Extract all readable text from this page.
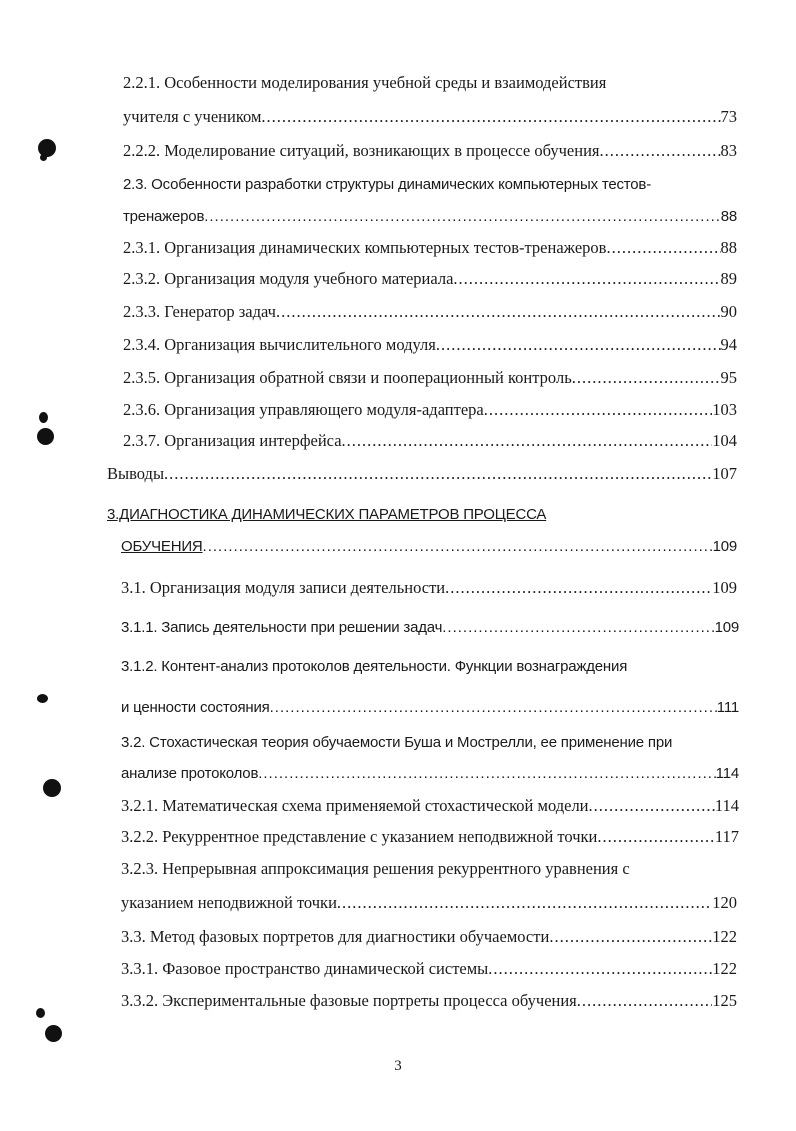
2.2.1. Особенности моделирования учебной среды и взаимодействия

учителя с учеником .....	73

2.2.2. Моделирование ситуаций, возникающих в процессе обучения .....	83

2.3. Особенности разработки структуры динамических компьютерных тестов-

тренажеров .....	88

2.3.1. Организация динамических компьютерных тестов-тренажеров .....	88

2.3.2. Организация модуля учебного материала .....	89

2.3.3. Генератор задач .....	90

2.3.4. Организация вычислительного модуля .....	94

2.3.5. Организация обратной связи и пооперационный контроль .....	95

2.3.6. Организация управляющего модуля-адаптера .....	103

2.3.7. Организация интерфейса .....	104

Выводы .....	107

3.ДИАГНОСТИКА ДИНАМИЧЕСКИХ ПАРАМЕТРОВ ПРОЦЕССА

ОБУЧЕНИЯ .....	109

3.1. Организация модуля записи деятельности .....	109

3.1.1. Запись деятельности при решении задач .....	109

3.1.2. Контент-анализ протоколов деятельности. Функции вознаграждения

и ценности состояния .....	111

3.2. Стохастическая теория обучаемости Буша и Мострелли, ее применение при

анализе протоколов .....	114

3.2.1. Математическая схема применяемой стохастической модели .....	114

3.2.2. Рекуррентное представление с указанием неподвижной точки .....	117

3.2.3. Непрерывная аппроксимация решения рекуррентного уравнения с

указанием неподвижной точки .....	120

3.3. Метод фазовых портретов для диагностики обучаемости .....	122

3.3.1. Фазовое пространство динамической системы .....	122

3.3.2. Экспериментальные фазовые портреты процесса обучения .....	125

3
